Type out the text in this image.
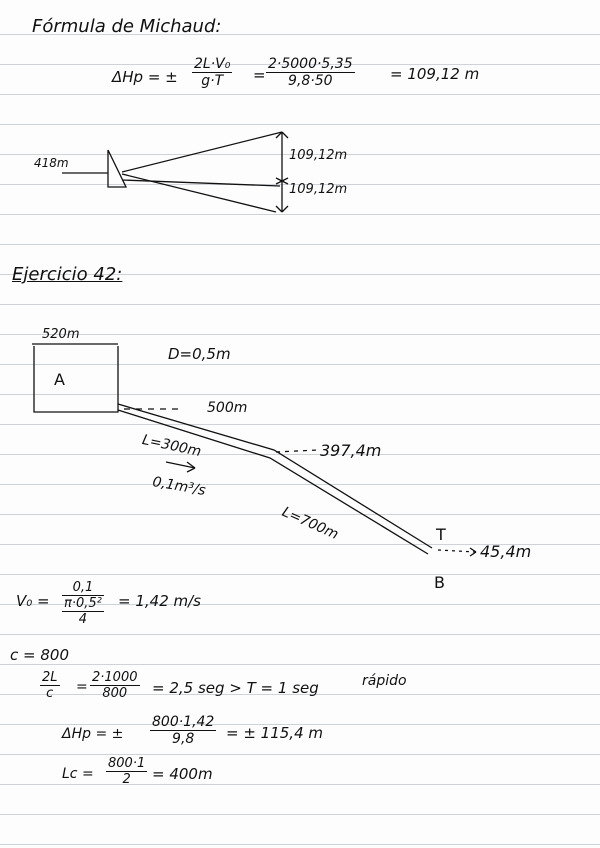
Fórmula de Michaud:
ΔHp = ± $\frac{\text{2L·V₀}}{g\cdot T} = \frac{2\cdot 5000\cdot 5,35}{9,8\cdot 50} = 109,12$ m
418m	109,12m
109,12m
Ejercicio 42:
520m
A
D=0,5m
500m
L=300m
0,1m³/s
397,4m
L=700m	T
B
45,4m
V₀ =
0,1
π·0,5²
4
= 1,42 m/s
c = 800
$\frac{2L}{c} = \frac{2\cdot 1000}{800} = 2,5$ seg > T = 1 seg	rápido
ΔHp = ± $\frac{800\cdot 1,42}{9,8}$ = ± 115,4 m
$Lc = \frac{800\cdot 1}{2} = 400m$
